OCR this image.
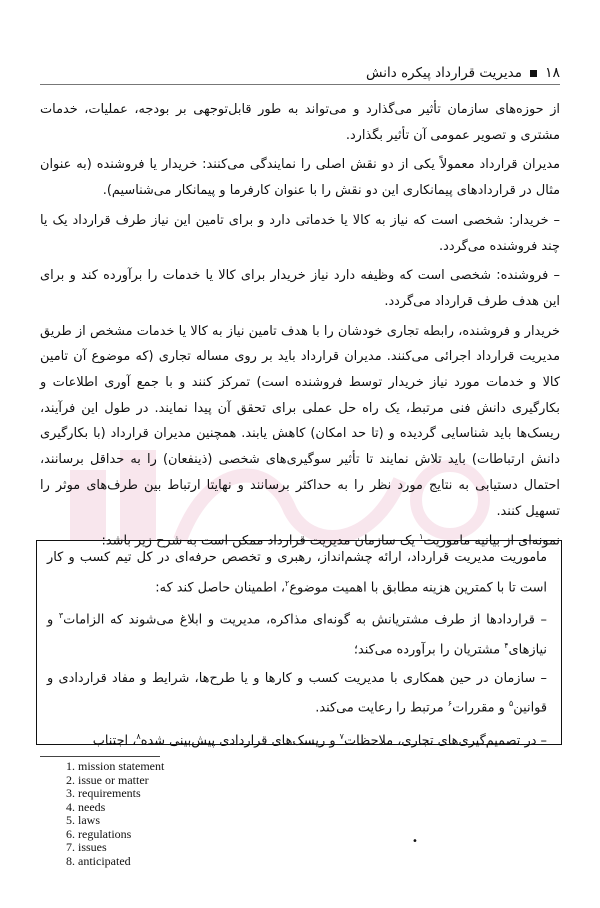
۱۸
مدیریت قرارداد پیکره دانش

از حوزه‌های سازمان تأثیر می‌گذارد و می‌تواند به طور قابل‌توجهی بر بودجه، عملیات، خدمات مشتری و تصویر عمومی آن تأثیر بگذارد.

مدیران قرارداد معمولاً یکی از دو نقش اصلی را نمایندگی می‌کنند: خریدار یا فروشنده (به عنوان مثال در قراردادهای پیمانکاری این دو نقش را با عنوان کارفرما و پیمانکار می‌شناسیم).

– خریدار: شخصی است که نیاز به کالا یا خدماتی دارد و برای تامین این نیاز طرف قرارداد یک یا چند فروشنده می‌گردد.

– فروشنده: شخصی است که وظیفه دارد نیاز خریدار برای کالا یا خدمات را برآورده کند و برای این هدف طرف قرارداد می‌گردد.

خریدار و فروشنده، رابطه تجاری خودشان را با هدف تامین نیاز به کالا یا خدمات مشخص از طریق مدیریت قرارداد اجرائی می‌کنند. مدیران قرارداد باید بر روی مساله تجاری (که موضوع آن تامین کالا و خدمات مورد نیاز خریدار توسط فروشنده است) تمرکز کنند و با جمع آوری اطلاعات و بکارگیری دانش فنی مرتبط، یک راه حل عملی برای تحقق آن پیدا نمایند. در طول این فرآیند، ریسک‌ها باید شناسایی گردیده و (تا حد امکان) کاهش یابند. همچنین مدیران قرارداد (با بکارگیری دانش ارتباطات) باید تلاش نمایند تا تأثیر سوگیری‌های شخصی (ذینفعان) را به حداقل برسانند، احتمال دستیابی به نتایج مورد نظر را به حداکثر برسانند و نهایتا ارتباط بین طرف‌های موثر را تسهیل کنند.

نمونه‌ای از بیانیه ماموریت$^۱$ یک سازمان مدیریت قرارداد ممکن است به شرح زیر باشد:

ماموریت مدیریت قرارداد، ارائه چشم‌انداز، رهبری و تخصص حرفه‌ای در کل تیم کسب و کار است تا با کمترین هزینه مطابق با اهمیت موضوع$^۲$، اطمینان حاصل کند که:

– قراردادها از طرف مشتریانش به گونه‌ای مذاکره، مدیریت و ابلاغ می‌شوند که الزامات$^۳$ و نیازهای$^۴$ مشتریان را برآورده می‌کند؛

– سازمان در حین همکاری با مدیریت کسب و کارها و یا طرح‌ها، شرایط و مفاد قراردادی و قوانین$^۵$ و مقررات$^۶$ مرتبط را رعایت می‌کند.

– در تصمیم‌گیری‌های تجاری، ملاحظات$^۷$ و ریسک‌های قراردادی پیش‌بینی شده$^۸$، اجتناب

1. mission statement
2. issue or matter
3. requirements
4. needs
5. laws
6. regulations
7. issues
8. anticipated
•
